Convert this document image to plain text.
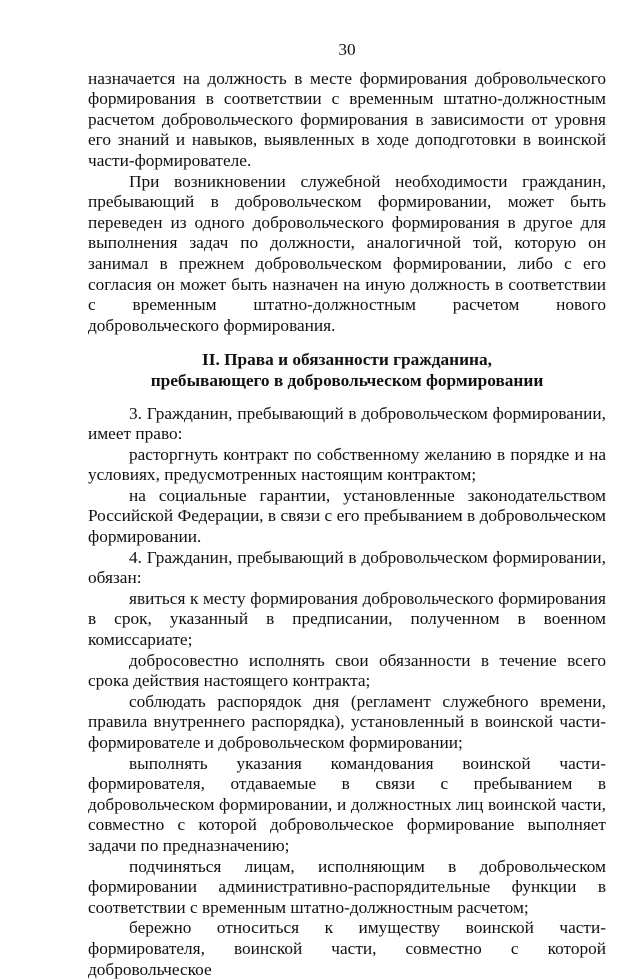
30

назначается на должность в месте формирования добровольческого формирования в соответствии с временным штатно-должностным расчетом добровольческого формирования в зависимости от уровня его знаний и навыков, выявленных в ходе доподготовки в воинской части-формирователе.

При возникновении служебной необходимости гражданин, пребывающий в добровольческом формировании, может быть переведен из одного добровольческого формирования в другое для выполнения задач по должности, аналогичной той, которую он занимал в прежнем добровольческом формировании, либо с его согласия он может быть назначен на иную должность в соответствии с временным штатно-должностным расчетом нового добровольческого формирования.

II. Права и обязанности гражданина,
пребывающего в добровольческом формировании

3. Гражданин, пребывающий в добровольческом формировании, имеет право:

расторгнуть контракт по собственному желанию в порядке и на условиях, предусмотренных настоящим контрактом;

на социальные гарантии, установленные законодательством Российской Федерации, в связи с его пребыванием в добровольческом формировании.

4. Гражданин, пребывающий в добровольческом формировании, обязан:

явиться к месту формирования добровольческого формирования в срок, указанный в предписании, полученном в военном комиссариате;

добросовестно исполнять свои обязанности в течение всего срока действия настоящего контракта;

соблюдать распорядок дня (регламент служебного времени, правила внутреннего распорядка), установленный в воинской части-формирователе и добровольческом формировании;

выполнять указания командования воинской части-формирователя, отдаваемые в связи с пребыванием в добровольческом формировании, и должностных лиц воинской части, совместно с которой добровольческое формирование выполняет задачи по предназначению;

подчиняться лицам, исполняющим в добровольческом формировании административно-распорядительные функции в соответствии с временным штатно-должностным расчетом;

бережно относиться к имуществу воинской части-формирователя, воинской части, совместно с которой добровольческое
